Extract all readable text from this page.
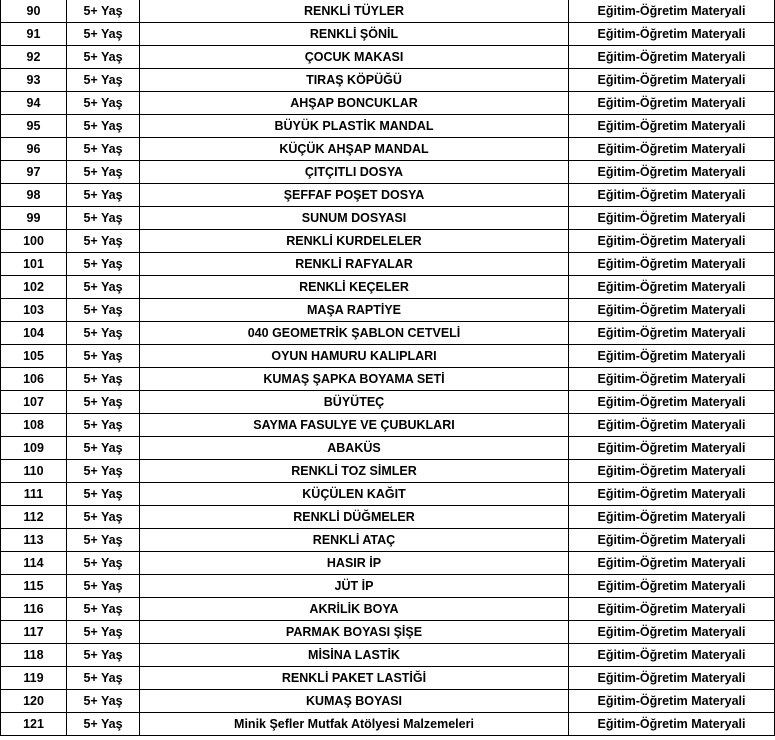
90	5+ Yaş	RENKLİ TÜYLER	Eğitim-Öğretim Materyali
91	5+ Yaş	RENKLİ ŞÖNİL	Eğitim-Öğretim Materyali
92	5+ Yaş	ÇOCUK MAKASI	Eğitim-Öğretim Materyali
93	5+ Yaş	TIRAŞ KÖPÜĞÜ	Eğitim-Öğretim Materyali
94	5+ Yaş	AHŞAP BONCUKLAR	Eğitim-Öğretim Materyali
95	5+ Yaş	BÜYÜK PLASTİK MANDAL	Eğitim-Öğretim Materyali
96	5+ Yaş	KÜÇÜK AHŞAP MANDAL	Eğitim-Öğretim Materyali
97	5+ Yaş	ÇITÇITLI DOSYA	Eğitim-Öğretim Materyali
98	5+ Yaş	ŞEFFAF POŞET DOSYA	Eğitim-Öğretim Materyali
99	5+ Yaş	SUNUM DOSYASI	Eğitim-Öğretim Materyali
100	5+ Yaş	RENKLİ KURDELELER	Eğitim-Öğretim Materyali
101	5+ Yaş	RENKLİ RAFYALAR	Eğitim-Öğretim Materyali
102	5+ Yaş	RENKLİ KEÇELER	Eğitim-Öğretim Materyali
103	5+ Yaş	MAŞA RAPTİYE	Eğitim-Öğretim Materyali
104	5+ Yaş	040 GEOMETRİK ŞABLON CETVELİ	Eğitim-Öğretim Materyali
105	5+ Yaş	OYUN HAMURU KALIPLARI	Eğitim-Öğretim Materyali
106	5+ Yaş	KUMAŞ ŞAPKA BOYAMA SETİ	Eğitim-Öğretim Materyali
107	5+ Yaş	BÜYÜTEÇ	Eğitim-Öğretim Materyali
108	5+ Yaş	SAYMA FASULYE VE ÇUBUKLARI	Eğitim-Öğretim Materyali
109	5+ Yaş	ABAKÜS	Eğitim-Öğretim Materyali
110	5+ Yaş	RENKLİ TOZ SİMLER	Eğitim-Öğretim Materyali
111	5+ Yaş	KÜÇÜLEN KAĞIT	Eğitim-Öğretim Materyali
112	5+ Yaş	RENKLİ DÜĞMELER	Eğitim-Öğretim Materyali
113	5+ Yaş	RENKLİ ATAÇ	Eğitim-Öğretim Materyali
114	5+ Yaş	HASIR İP	Eğitim-Öğretim Materyali
115	5+ Yaş	JÜT İP	Eğitim-Öğretim Materyali
116	5+ Yaş	AKRİLİK BOYA	Eğitim-Öğretim Materyali
117	5+ Yaş	PARMAK BOYASI ŞİŞE	Eğitim-Öğretim Materyali
118	5+ Yaş	MİSİNA LASTİK	Eğitim-Öğretim Materyali
119	5+ Yaş	RENKLİ PAKET LASTİĞİ	Eğitim-Öğretim Materyali
120	5+ Yaş	KUMAŞ BOYASI	Eğitim-Öğretim Materyali
121	5+ Yaş	Minik Şefler Mutfak Atölyesi Malzemeleri	Eğitim-Öğretim Materyali
